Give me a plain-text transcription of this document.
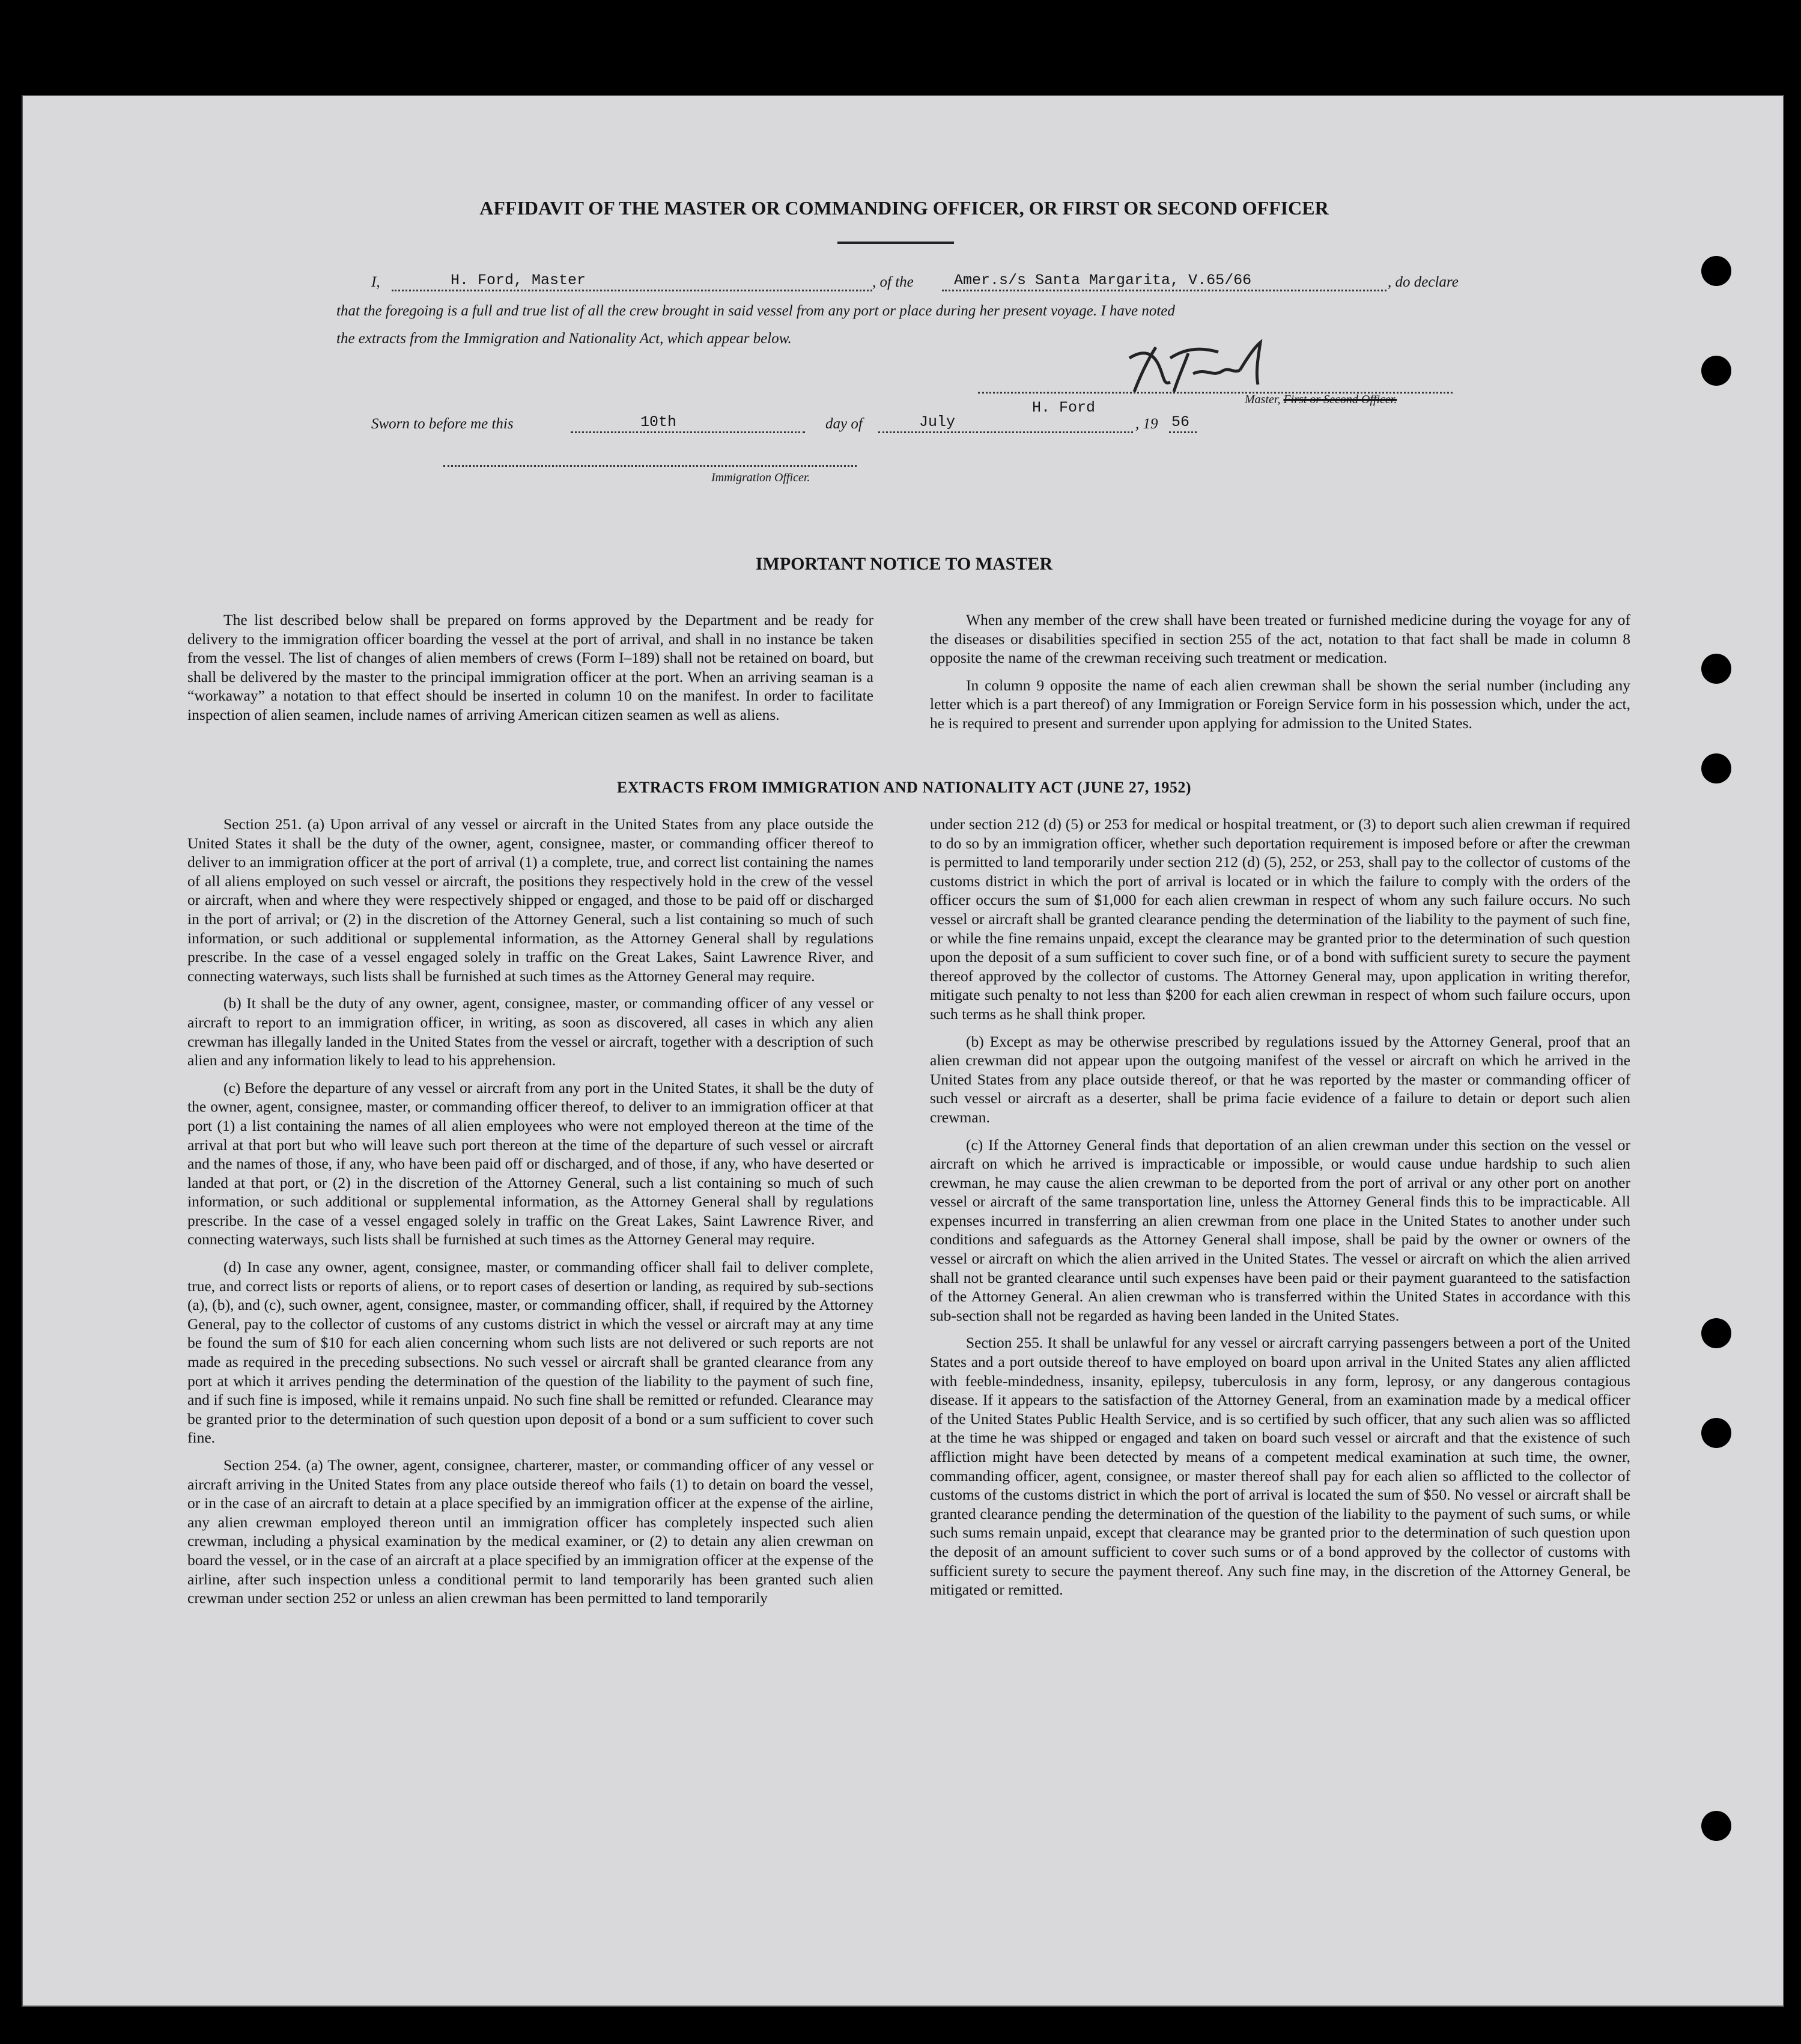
AFFIDAVIT OF THE MASTER OR COMMANDING OFFICER, OR FIRST OR SECOND OFFICER
I,	H. Ford, Master	, of the	Amer.s/s Santa Margarita, V.65/66	, do declare
that the foregoing is a full and true list of all the crew brought in said vessel from any port or place during her present voyage. I have noted
the extracts from the Immigration and Nationality Act, which appear below.
H. Ford	Master, First or Second Officer.
Sworn to before me this	10th	day of	July	, 19 56
Immigration Officer.
IMPORTANT NOTICE TO MASTER

The list described below shall be prepared on forms approved by the Department and be ready for delivery to the immigration officer boarding the vessel at the port of arrival, and shall in no instance be taken from the vessel. The list of changes of alien members of crews (Form I–189) shall not be retained on board, but shall be delivered by the master to the principal immigration officer at the port. When an arriving seaman is a “workaway” a notation to that effect should be inserted in column 10 on the manifest. In order to facilitate inspection of alien seamen, include names of arriving American citizen seamen as well as aliens.

When any member of the crew shall have been treated or furnished medicine during the voyage for any of the diseases or disabilities specified in section 255 of the act, notation to that fact shall be made in column 8 opposite the name of the crewman receiving such treatment or medication.

In column 9 opposite the name of each alien crewman shall be shown the serial number (including any letter which is a part thereof) of any Immigration or Foreign Service form in his possession which, under the act, he is required to present and surrender upon applying for admission to the United States.

EXTRACTS FROM IMMIGRATION AND NATIONALITY ACT (JUNE 27, 1952)

Section 251. (a) Upon arrival of any vessel or aircraft in the United States from any place outside the United States it shall be the duty of the owner, agent, consignee, master, or commanding officer thereof to deliver to an immigration officer at the port of arrival (1) a complete, true, and correct list containing the names of all aliens employed on such vessel or aircraft, the positions they respectively hold in the crew of the vessel or aircraft, when and where they were respectively shipped or engaged, and those to be paid off or discharged in the port of arrival; or (2) in the discretion of the Attorney General, such a list containing so much of such information, or such additional or supplemental information, as the Attorney General shall by regulations prescribe. In the case of a vessel engaged solely in traffic on the Great Lakes, Saint Lawrence River, and connecting waterways, such lists shall be furnished at such times as the Attorney General may require.

(b) It shall be the duty of any owner, agent, consignee, master, or commanding officer of any vessel or aircraft to report to an immigration officer, in writing, as soon as discovered, all cases in which any alien crewman has illegally landed in the United States from the vessel or aircraft, together with a description of such alien and any information likely to lead to his apprehension.

(c) Before the departure of any vessel or aircraft from any port in the United States, it shall be the duty of the owner, agent, consignee, master, or commanding officer thereof, to deliver to an immigration officer at that port (1) a list containing the names of all alien employees who were not employed thereon at the time of the arrival at that port but who will leave such port thereon at the time of the departure of such vessel or aircraft and the names of those, if any, who have been paid off or discharged, and of those, if any, who have deserted or landed at that port, or (2) in the discretion of the Attorney General, such a list containing so much of such information, or such additional or supplemental information, as the Attorney General shall by regulations prescribe. In the case of a vessel engaged solely in traffic on the Great Lakes, Saint Lawrence River, and connecting waterways, such lists shall be furnished at such times as the Attorney General may require.

(d) In case any owner, agent, consignee, master, or commanding officer shall fail to deliver complete, true, and correct lists or reports of aliens, or to report cases of desertion or landing, as required by sub-sections (a), (b), and (c), such owner, agent, consignee, master, or commanding officer, shall, if required by the Attorney General, pay to the collector of customs of any customs district in which the vessel or aircraft may at any time be found the sum of $10 for each alien concerning whom such lists are not delivered or such reports are not made as required in the preceding subsections. No such vessel or aircraft shall be granted clearance from any port at which it arrives pending the determination of the question of the liability to the payment of such fine, and if such fine is imposed, while it remains unpaid. No such fine shall be remitted or refunded. Clearance may be granted prior to the determination of such question upon deposit of a bond or a sum sufficient to cover such fine.

Section 254. (a) The owner, agent, consignee, charterer, master, or commanding officer of any vessel or aircraft arriving in the United States from any place outside thereof who fails (1) to detain on board the vessel, or in the case of an aircraft to detain at a place specified by an immigration officer at the expense of the airline, any alien crewman employed thereon until an immigration officer has completely inspected such alien crewman, including a physical examination by the medical examiner, or (2) to detain any alien crewman on board the vessel, or in the case of an aircraft at a place specified by an immigration officer at the expense of the airline, after such inspection unless a conditional permit to land temporarily has been granted such alien crewman under section 252 or unless an alien crewman has been permitted to land temporarily

under section 212 (d) (5) or 253 for medical or hospital treatment, or (3) to deport such alien crewman if required to do so by an immigration officer, whether such deportation requirement is imposed before or after the crewman is permitted to land temporarily under section 212 (d) (5), 252, or 253, shall pay to the collector of customs of the customs district in which the port of arrival is located or in which the failure to comply with the orders of the officer occurs the sum of $1,000 for each alien crewman in respect of whom any such failure occurs. No such vessel or aircraft shall be granted clearance pending the determination of the liability to the payment of such fine, or while the fine remains unpaid, except the clearance may be granted prior to the determination of such question upon the deposit of a sum sufficient to cover such fine, or of a bond with sufficient surety to secure the payment thereof approved by the collector of customs. The Attorney General may, upon application in writing therefor, mitigate such penalty to not less than $200 for each alien crewman in respect of whom such failure occurs, upon such terms as he shall think proper.

(b) Except as may be otherwise prescribed by regulations issued by the Attorney General, proof that an alien crewman did not appear upon the outgoing manifest of the vessel or aircraft on which he arrived in the United States from any place outside thereof, or that he was reported by the master or commanding officer of such vessel or aircraft as a deserter, shall be prima facie evidence of a failure to detain or deport such alien crewman.

(c) If the Attorney General finds that deportation of an alien crewman under this section on the vessel or aircraft on which he arrived is impracticable or impossible, or would cause undue hardship to such alien crewman, he may cause the alien crewman to be deported from the port of arrival or any other port on another vessel or aircraft of the same transportation line, unless the Attorney General finds this to be impracticable. All expenses incurred in transferring an alien crewman from one place in the United States to another under such conditions and safeguards as the Attorney General shall impose, shall be paid by the owner or owners of the vessel or aircraft on which the alien arrived in the United States. The vessel or aircraft on which the alien arrived shall not be granted clearance until such expenses have been paid or their payment guaranteed to the satisfaction of the Attorney General. An alien crewman who is transferred within the United States in accordance with this sub-section shall not be regarded as having been landed in the United States.

Section 255. It shall be unlawful for any vessel or aircraft carrying passengers between a port of the United States and a port outside thereof to have employed on board upon arrival in the United States any alien afflicted with feeble-mindedness, insanity, epilepsy, tuberculosis in any form, leprosy, or any dangerous contagious disease. If it appears to the satisfaction of the Attorney General, from an examination made by a medical officer of the United States Public Health Service, and is so certified by such officer, that any such alien was so afflicted at the time he was shipped or engaged and taken on board such vessel or aircraft and that the existence of such affliction might have been detected by means of a competent medical examination at such time, the owner, commanding officer, agent, consignee, or master thereof shall pay for each alien so afflicted to the collector of customs of the customs district in which the port of arrival is located the sum of $50. No vessel or aircraft shall be granted clearance pending the determination of the question of the liability to the payment of such sums, or while such sums remain unpaid, except that clearance may be granted prior to the determination of such question upon the deposit of an amount sufficient to cover such sums or of a bond approved by the collector of customs with sufficient surety to secure the payment thereof. Any such fine may, in the discretion of the Attorney General, be mitigated or remitted.
